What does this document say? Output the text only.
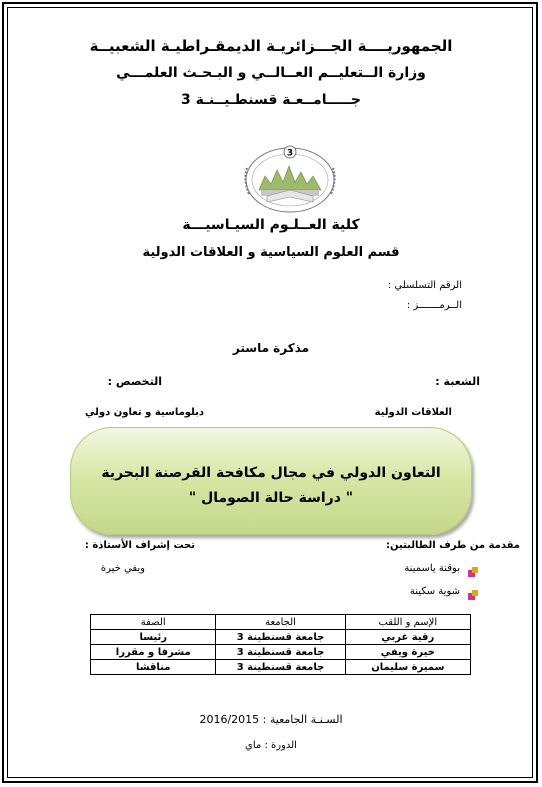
الجمهوريــــة الجـــزائريـة الديمقـراطيـة الشعبيــة
وزارة الــتعليــم العــالــي و البـحـث العلمـــي
جـــــامــعـة قسنطـيــنـة 3
3
كلية العــلـوم السيـاسيـــة
قسم العلوم السياسية و العلاقات الدولية
الرقم التسلسلي :
الــرمـــــــز :
مذكرة ماستر
الشعبة :
التخصص :
العلاقات الدولية
دبلوماسية و تعاون دولي
التعاون الدولي في مجال مكافحة القرصنة البحرية
" دراسة حالة الصومال "
مقدمة من طرف الطالبتين:
تحت إشراف الأستاذة :
بوقنة ياسمينة
شوية سكينة
ويفي خيرة
الإسم و اللقب	الجامعة	الصفة
رقية غربي	جامعة قسنطينة 3	رئيسا
خيرة ويفي	جامعة قسنطينة 3	مشرفا و مقررا
سميرة سليمان	جامعة قسنطينة 3	مناقشا
السـنـة الجامعية : 2016/2015
الدورة : ماي
